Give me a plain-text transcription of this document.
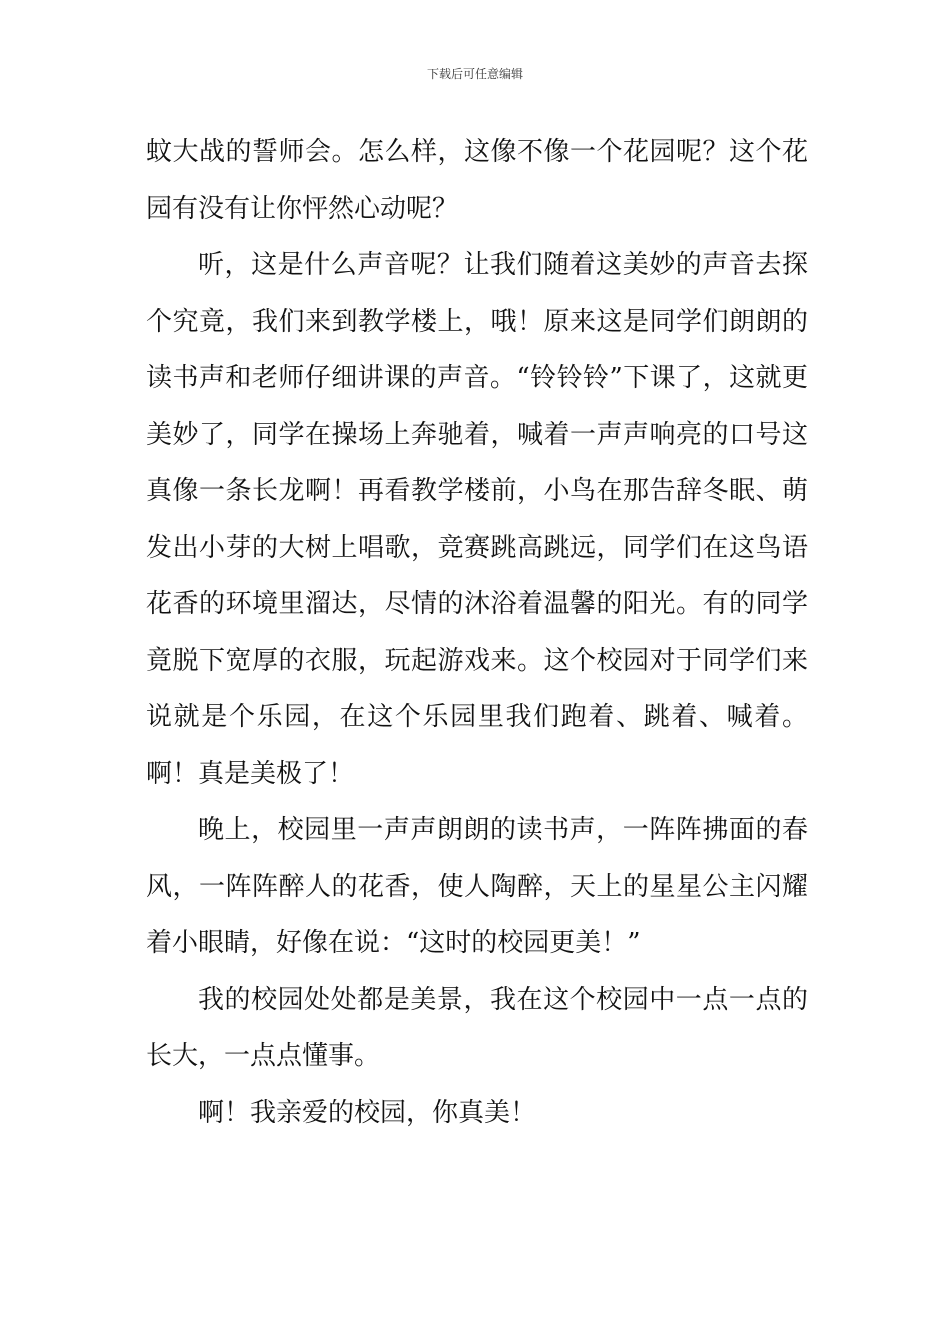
下载后可任意编辑

蚊大战的誓师会。怎么样，这像不像一个花园呢？这个花园有没有让你怦然心动呢？

听，这是什么声音呢？让我们随着这美妙的声音去探个究竟，我们来到教学楼上，哦！原来这是同学们朗朗的读书声和老师仔细讲课的声音。“铃铃铃”下课了，这就更美妙了，同学在操场上奔驰着，喊着一声声响亮的口号这真像一条长龙啊！再看教学楼前，小鸟在那告辞冬眠、萌发出小芽的大树上唱歌，竞赛跳高跳远，同学们在这鸟语花香的环境里溜达，尽情的沐浴着温馨的阳光。有的同学竟脱下宽厚的衣服，玩起游戏来。这个校园对于同学们来说就是个乐园，在这个乐园里我们跑着、跳着、喊着。啊！真是美极了！

晚上，校园里一声声朗朗的读书声，一阵阵拂面的春风，一阵阵醉人的花香，使人陶醉，天上的星星公主闪耀着小眼睛，好像在说：“这时的校园更美！”

我的校园处处都是美景，我在这个校园中一点一点的长大，一点点懂事。

啊！我亲爱的校园，你真美！
